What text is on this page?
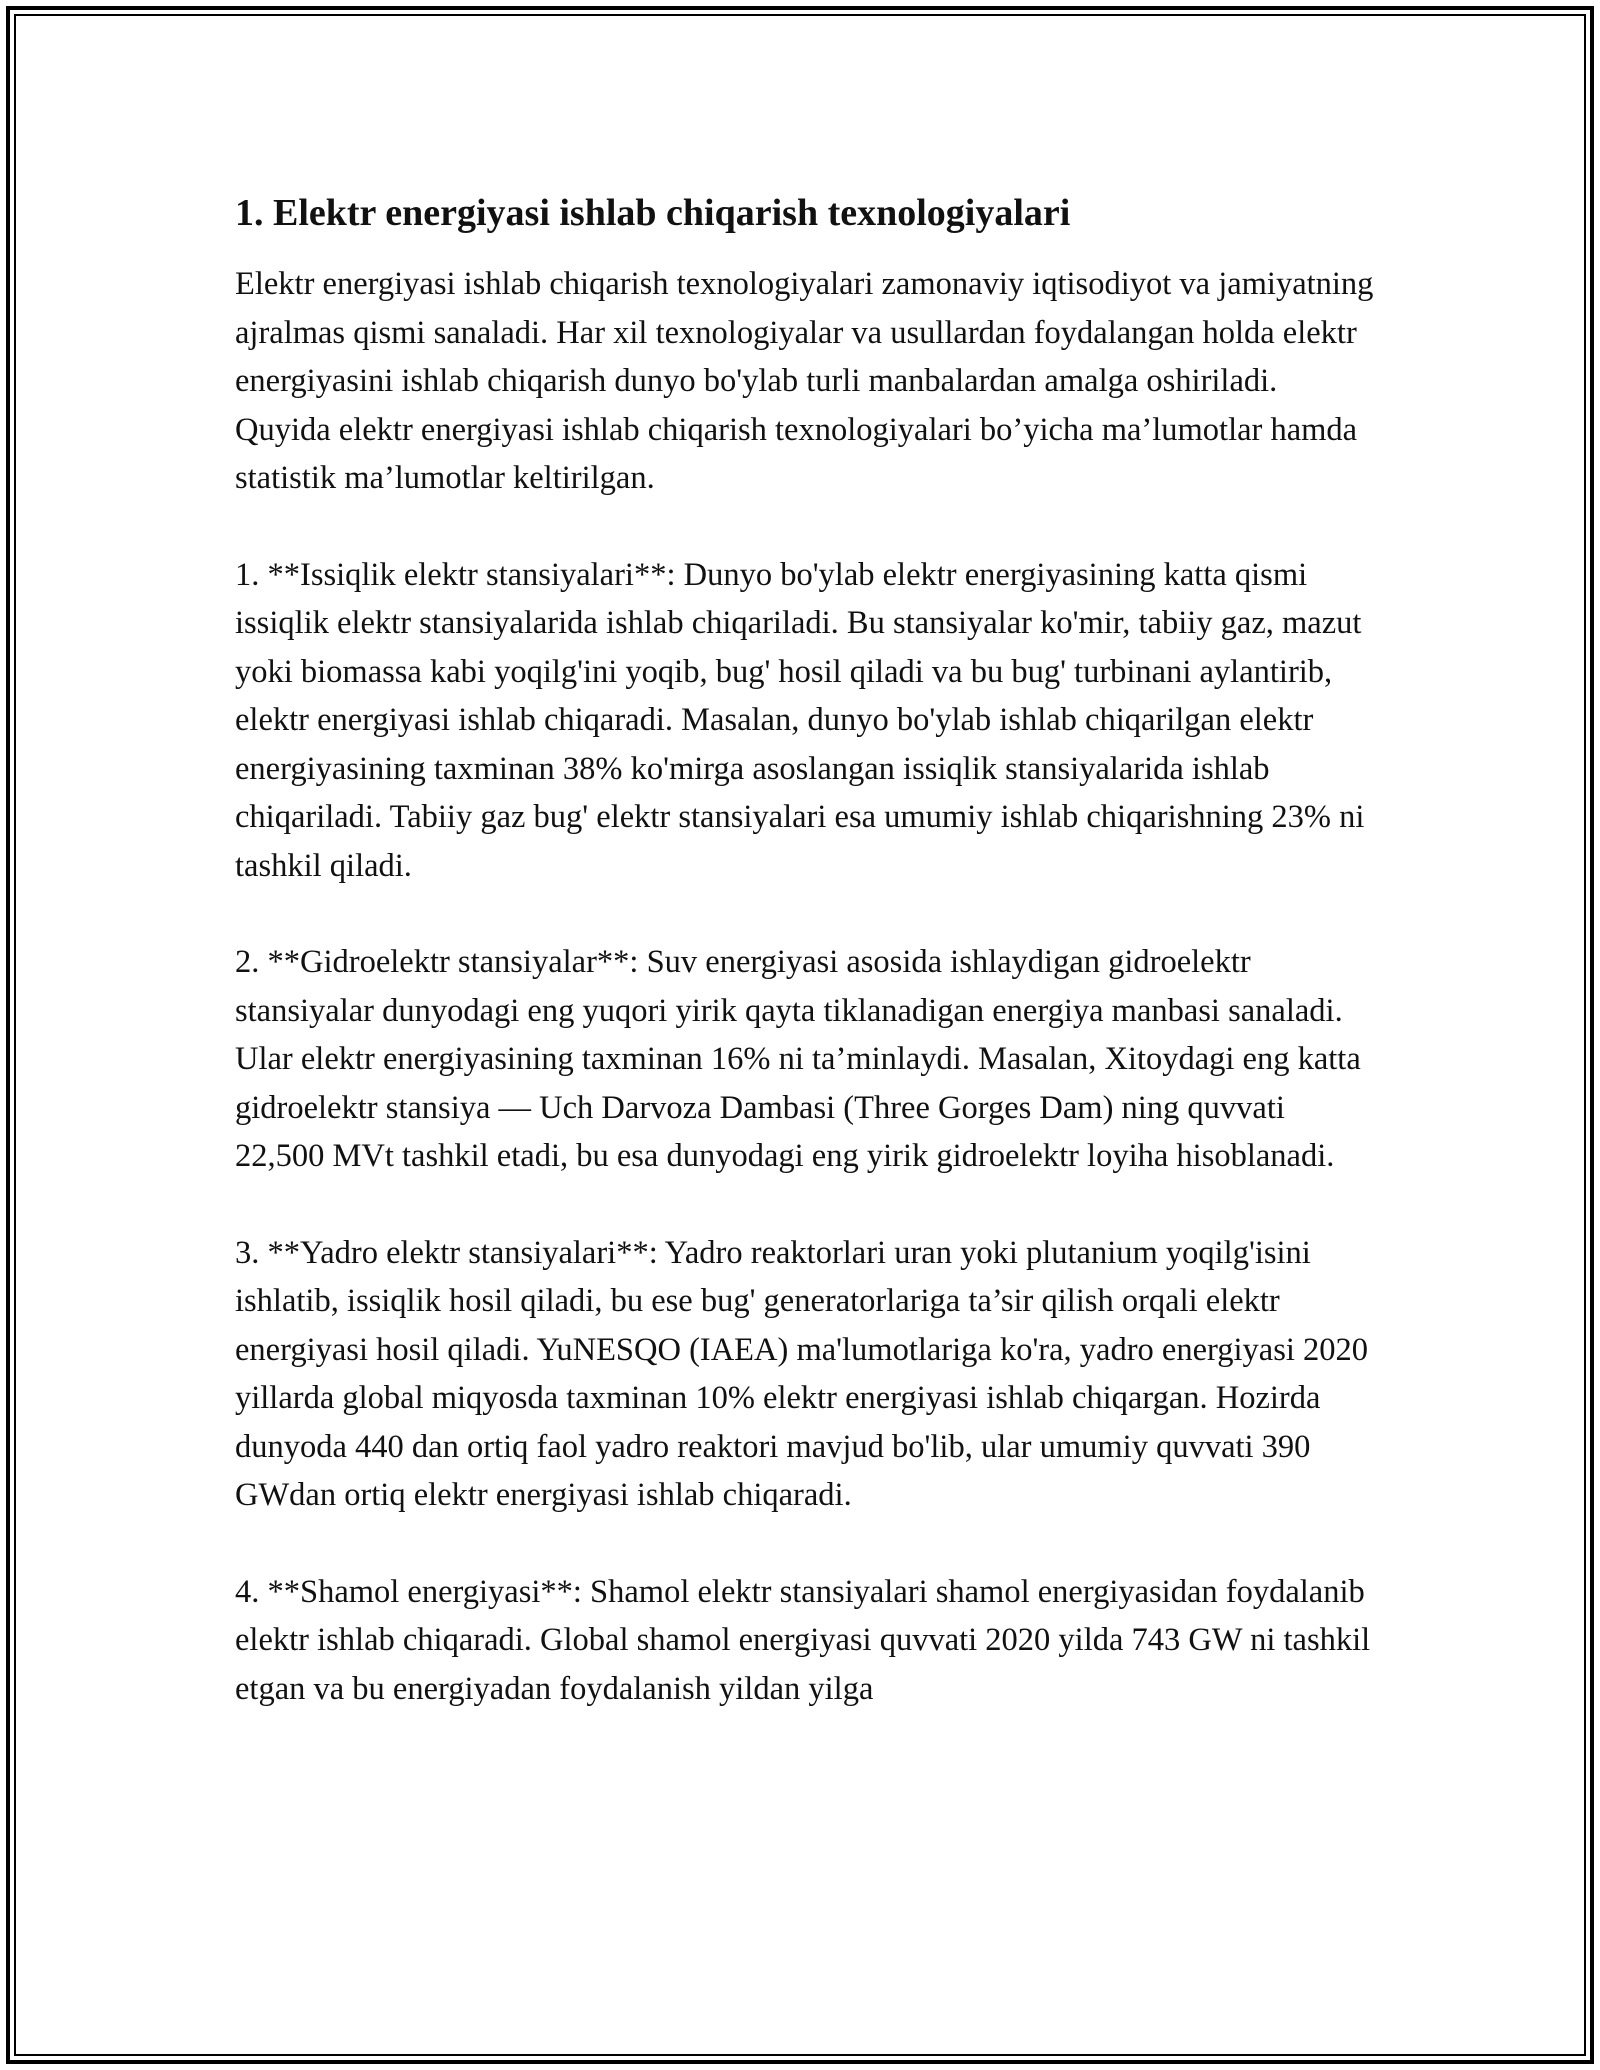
1. Elektr energiyasi ishlab chiqarish texnologiyalari

Elektr energiyasi ishlab chiqarish texnologiyalari zamonaviy iqtisodiyot va jamiyatning ajralmas qismi sanaladi. Har xil texnologiyalar va usullardan foydalangan holda elektr energiyasini ishlab chiqarish dunyo bo'ylab turli manbalardan amalga oshiriladi. Quyida elektr energiyasi ishlab chiqarish texnologiyalari bo’yicha ma’lumotlar hamda statistik ma’lumotlar keltirilgan.

1. **Issiqlik elektr stansiyalari**: Dunyo bo'ylab elektr energiyasining katta qismi issiqlik elektr stansiyalarida ishlab chiqariladi. Bu stansiyalar ko'mir, tabiiy gaz, mazut yoki biomassa kabi yoqilg'ini yoqib, bug' hosil qiladi va bu bug' turbinani aylantirib, elektr energiyasi ishlab chiqaradi. Masalan, dunyo bo'ylab ishlab chiqarilgan elektr energiyasining taxminan 38% ko'mirga asoslangan issiqlik stansiyalarida ishlab chiqariladi. Tabiiy gaz bug' elektr stansiyalari esa umumiy ishlab chiqarishning 23% ni tashkil qiladi.

2. **Gidroelektr stansiyalar**: Suv energiyasi asosida ishlaydigan gidroelektr stansiyalar dunyodagi eng yuqori yirik qayta tiklanadigan energiya manbasi sanaladi. Ular elektr energiyasining taxminan 16% ni ta’minlaydi. Masalan, Xitoydagi eng katta gidroelektr stansiya — Uch Darvoza Dambasi (Three Gorges Dam) ning quvvati 22,500 MVt tashkil etadi, bu esa dunyodagi eng yirik gidroelektr loyiha hisoblanadi.

3. **Yadro elektr stansiyalari**: Yadro reaktorlari uran yoki plutanium yoqilg'isini ishlatib, issiqlik hosil qiladi, bu ese bug' generatorlariga ta’sir qilish orqali elektr energiyasi hosil qiladi. YuNESQO (IAEA) ma'lumotlariga ko'ra, yadro energiyasi 2020 yillarda global miqyosda taxminan 10% elektr energiyasi ishlab chiqargan. Hozirda dunyoda 440 dan ortiq faol yadro reaktori mavjud bo'lib, ular umumiy quvvati 390 GWdan ortiq elektr energiyasi ishlab chiqaradi.

4. **Shamol energiyasi**: Shamol elektr stansiyalari shamol energiyasidan foydalanib elektr ishlab chiqaradi. Global shamol energiyasi quvvati 2020 yilda 743 GW ni tashkil etgan va bu energiyadan foydalanish yildan yilga
